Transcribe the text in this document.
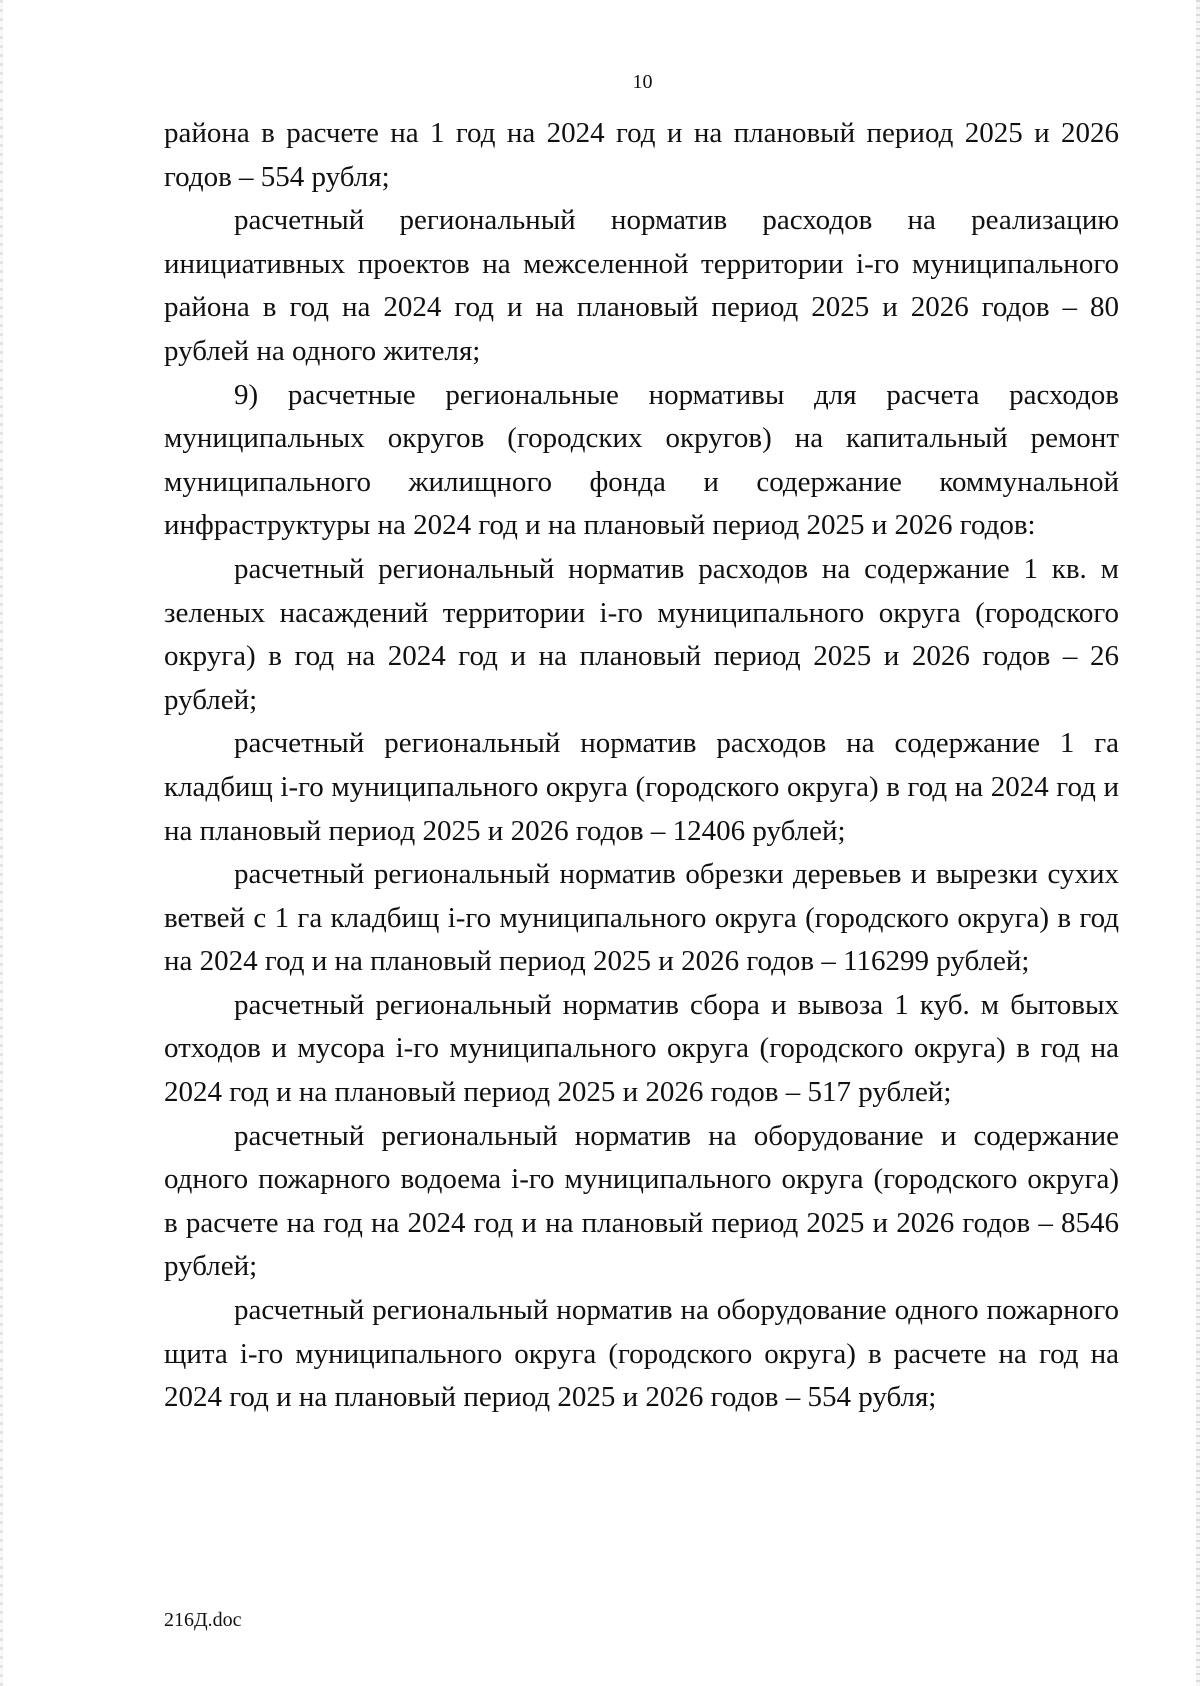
10

района в расчете на 1 год на 2024 год и на плановый период 2025 и 2026 годов – 554 рубля;

расчетный региональный норматив расходов на реализацию инициативных проектов на межселенной территории i-го муниципального района в год на 2024 год и на плановый период 2025 и 2026 годов – 80 рублей на одного жителя;

9) расчетные региональные нормативы для расчета расходов муниципальных округов (городских округов) на капитальный ремонт муниципального жилищного фонда и содержание коммунальной инфраструктуры на 2024 год и на плановый период 2025 и 2026 годов:

расчетный региональный норматив расходов на содержание 1 кв. м зеленых насаждений территории i-го муниципального округа (городского округа) в год на 2024 год и на плановый период 2025 и 2026 годов – 26 рублей;

расчетный региональный норматив расходов на содержание 1 га кладбищ i-го муниципального округа (городского округа) в год на 2024 год и на плановый период 2025 и 2026 годов – 12406 рублей;

расчетный региональный норматив обрезки деревьев и вырезки сухих ветвей с 1 га кладбищ i-го муниципального округа (городского округа) в год на 2024 год и на плановый период 2025 и 2026 годов – 116299 рублей;

расчетный региональный норматив сбора и вывоза 1 куб. м бытовых отходов и мусора i-го муниципального округа (городского округа) в год на 2024 год и на плановый период 2025 и 2026 годов – 517 рублей;

расчетный региональный норматив на оборудование и содержание одного пожарного водоема i-го муниципального округа (городского округа) в расчете на год на 2024 год и на плановый период 2025 и 2026 годов – 8546 рублей;

расчетный региональный норматив на оборудование одного пожарного щита i-го муниципального округа (городского округа) в расчете на год на 2024 год и на плановый период 2025 и 2026 годов – 554 рубля;

216Д.doc
